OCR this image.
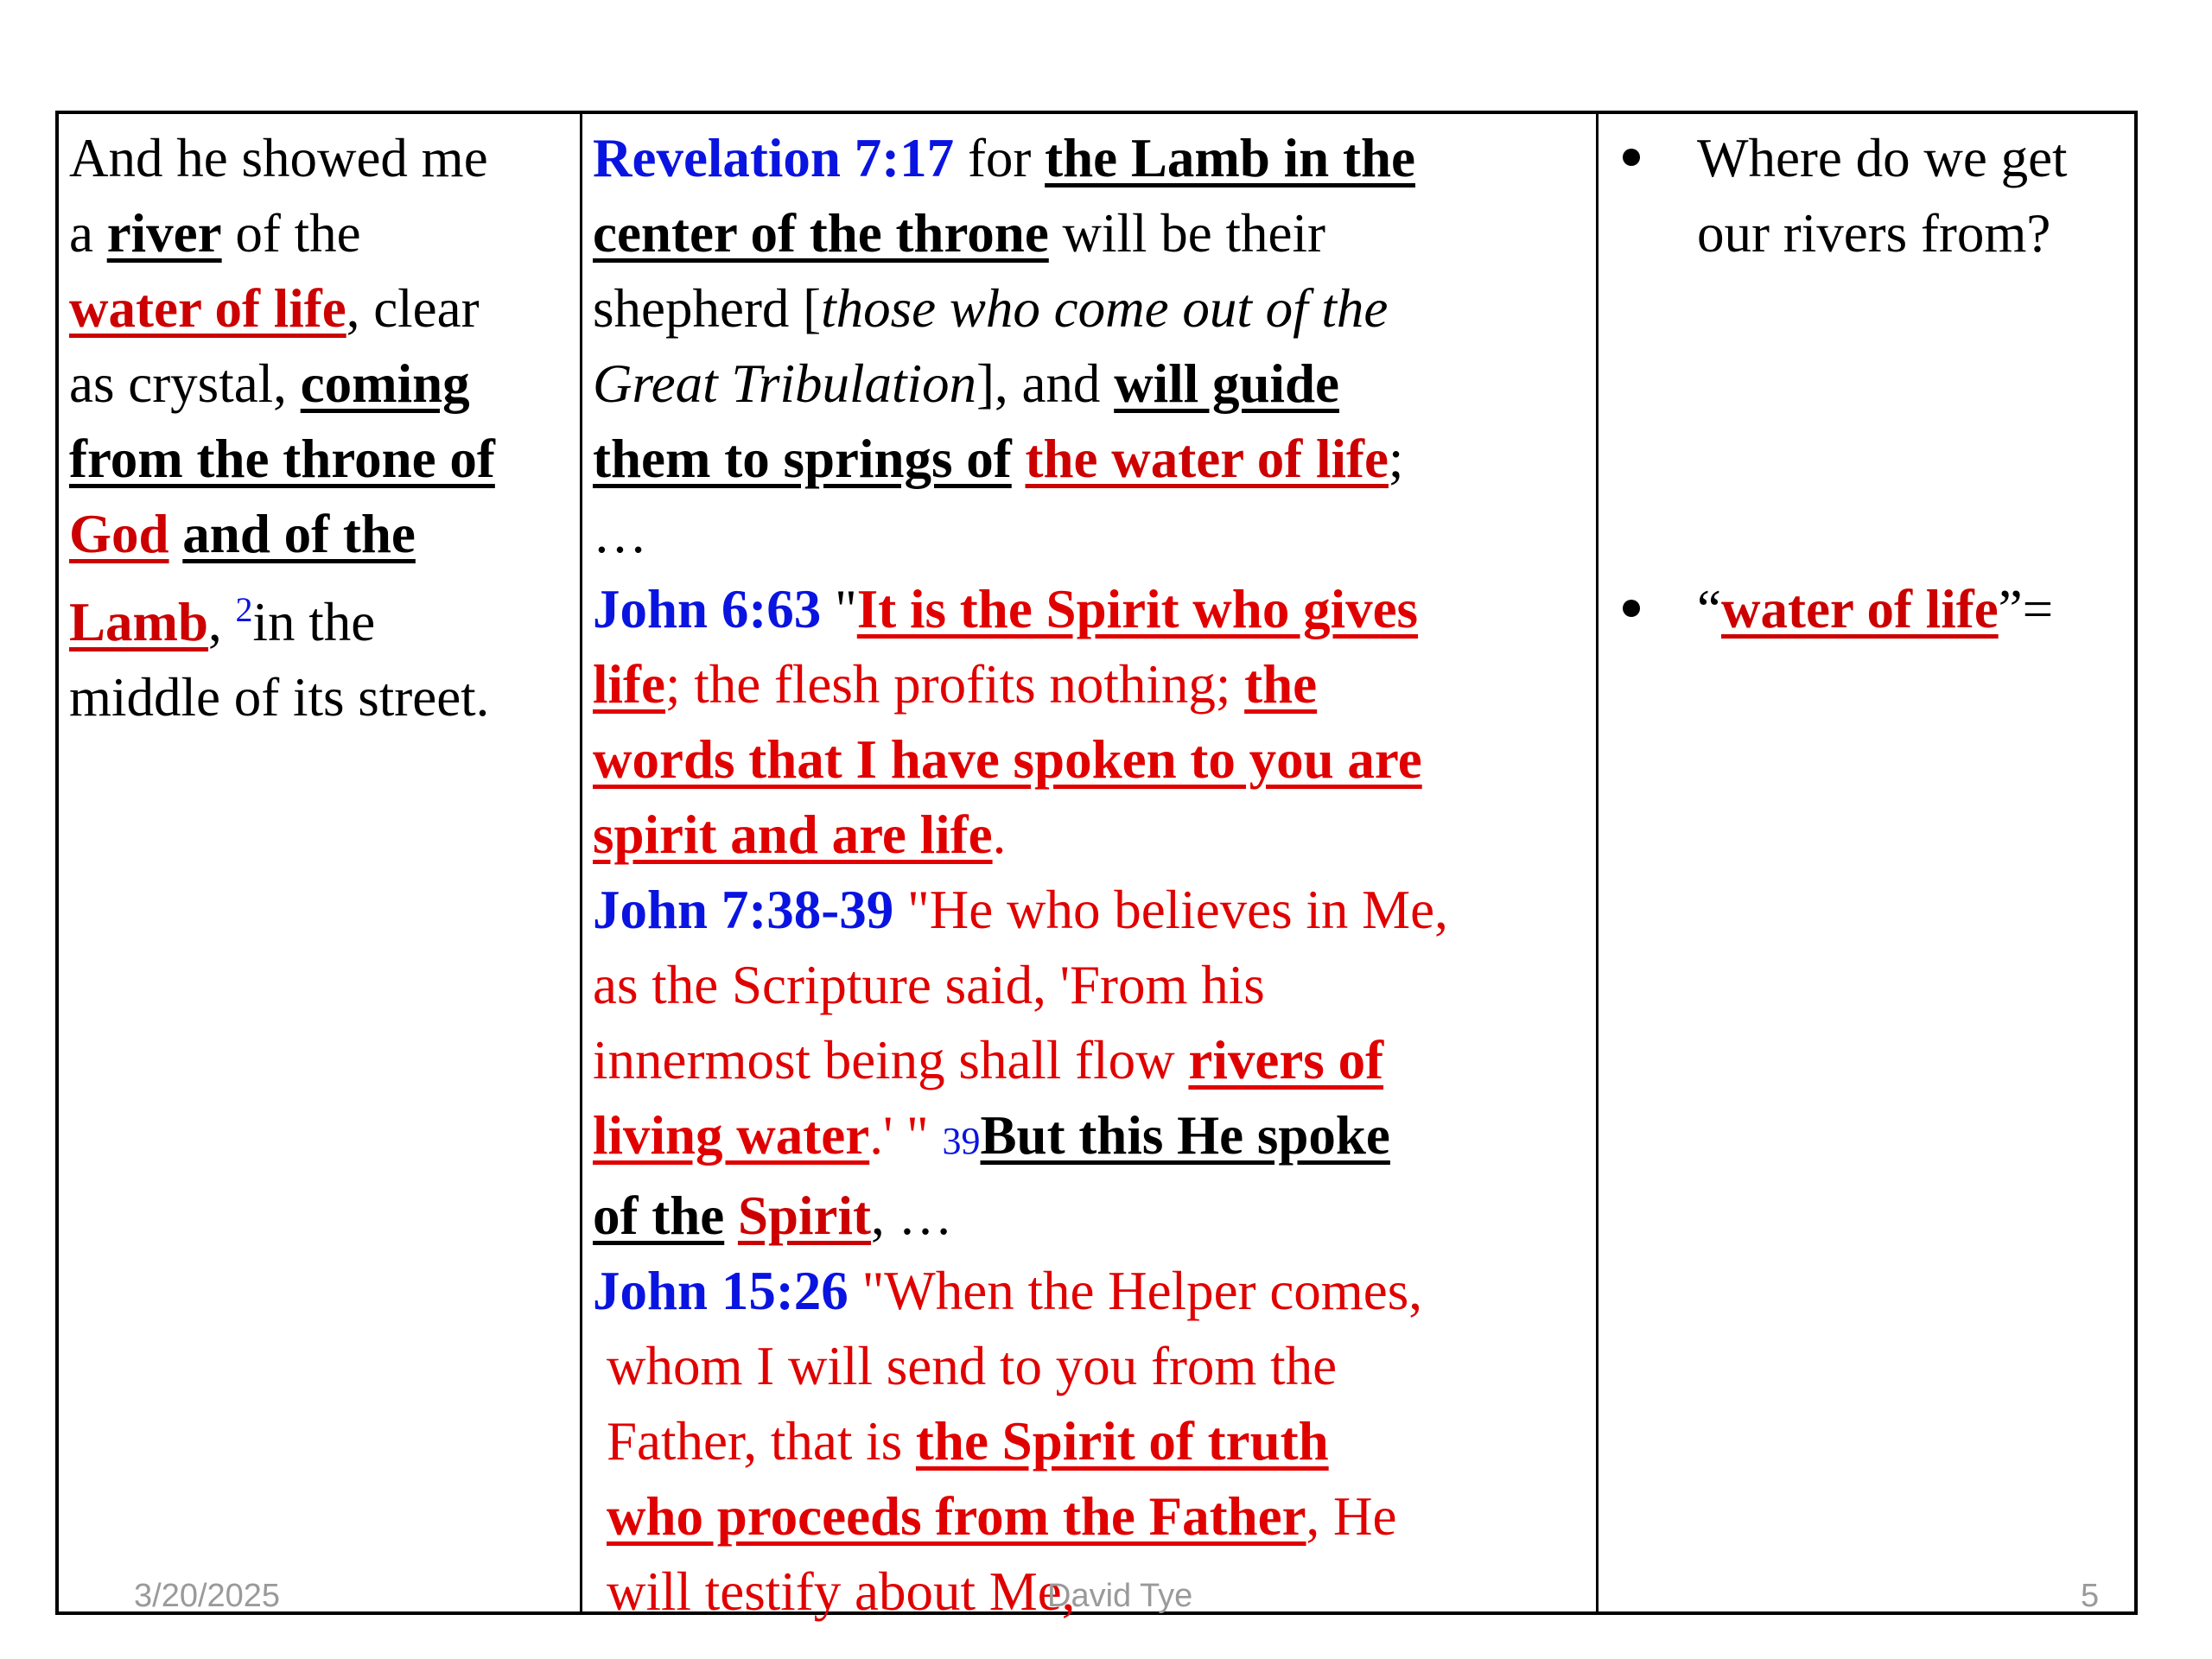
And he showed me
a river of the
water of life, clear
as crystal, coming
from the throne of
God and of the
Lamb, $^2$in the
middle of its street.
Revelation 7:17 for the Lamb in the
center of the throne will be their
shepherd [those who come out of the
Great Tribulation], and will guide
them to springs of the water of life;
…
John 6:63 "It is the Spirit who gives
life; the flesh profits nothing; the
words that I have spoken to you are
spirit and are life.
John 7:38-39 "He who believes in Me,
as the Scripture said, 'From his
innermost being shall flow rivers of
living water.' " 39But this He spoke
of the Spirit, …
John 15:26 "When the Helper comes,
whom I will send to you from the
Father, that is the Spirit of truth
who proceeds from the Father, He
will testify about Me,
Where do we get
our rivers from?
“water of life”=
3/20/2025	David Tye	5
